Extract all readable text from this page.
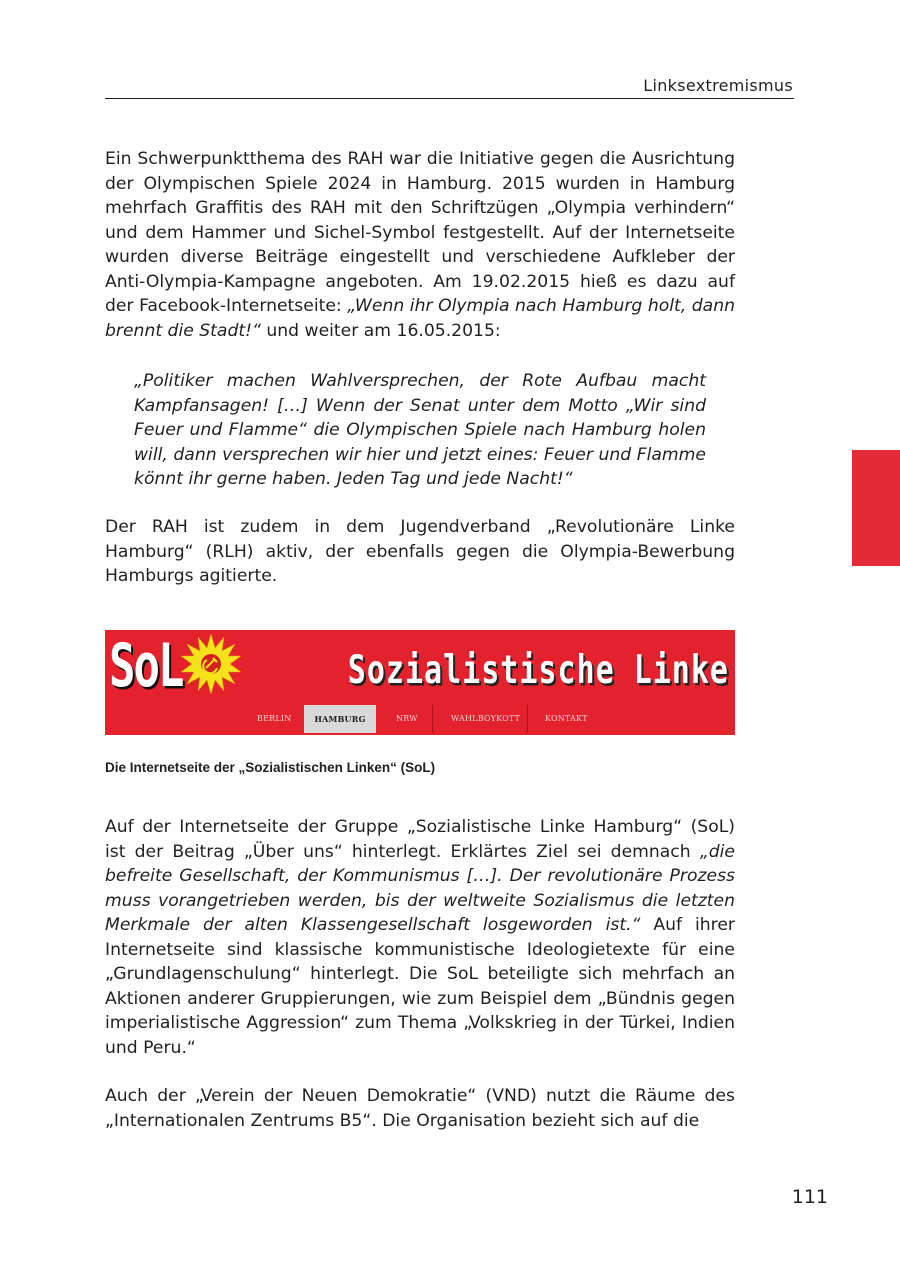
Linksextremismus

Ein Schwerpunktthema des RAH war die Initiative gegen die Ausrichtung der Olympischen Spiele 2024 in Hamburg. 2015 wurden in Hamburg mehrfach Graffitis des RAH mit den Schriftzügen „Olympia verhindern“ und dem Hammer und Sichel-Symbol festgestellt. Auf der Internetseite wurden diverse Beiträge eingestellt und verschiedene Aufkleber der Anti-Olympia-Kampagne angeboten. Am 19.02.2015 hieß es dazu auf der Facebook-Internetseite: „Wenn ihr Olympia nach Hamburg holt, dann brennt die Stadt!“ und weiter am 16.05.2015:

„Politiker machen Wahlversprechen, der Rote Aufbau macht Kampfansagen! […] Wenn der Senat unter dem Motto „Wir sind Feuer und Flamme“ die Olympischen Spiele nach Hamburg holen will, dann versprechen wir hier und jetzt eines: Feuer und Flamme könnt ihr gerne haben. Jeden Tag und jede Nacht!“

Der RAH ist zudem in dem Jugendverband „Revolutionäre Linke Hamburg“ (RLH) aktiv, der ebenfalls gegen die Olympia-Bewerbung Hamburgs agitierte.

SoL	Sozialistische Linke
BERLIN	HAMBURG	NRW	WAHLBOYKOTT	KONTAKT
Die Internetseite der „Sozialistischen Linken“ (SoL)

Auf der Internetseite der Gruppe „Sozialistische Linke Hamburg“ (SoL) ist der Beitrag „Über uns“ hinterlegt. Erklärtes Ziel sei demnach „die befreite Gesellschaft, der Kommunismus […]. Der revolutionäre Prozess muss vorangetrieben werden, bis der weltweite Sozialismus die letzten Merkmale der alten Klassengesellschaft losgeworden ist.“ Auf ihrer Internetseite sind klassische kommunistische Ideologietexte für eine „Grundlagenschulung“ hinterlegt. Die SoL beteiligte sich mehrfach an Aktionen anderer Gruppierungen, wie zum Beispiel dem „Bündnis gegen imperialistische Aggression“ zum Thema „Volkskrieg in der Türkei, Indien und Peru.“

Auch der „Verein der Neuen Demokratie“ (VND) nutzt die Räume des „Internationalen Zentrums B5“. Die Organisation bezieht sich auf die

111
